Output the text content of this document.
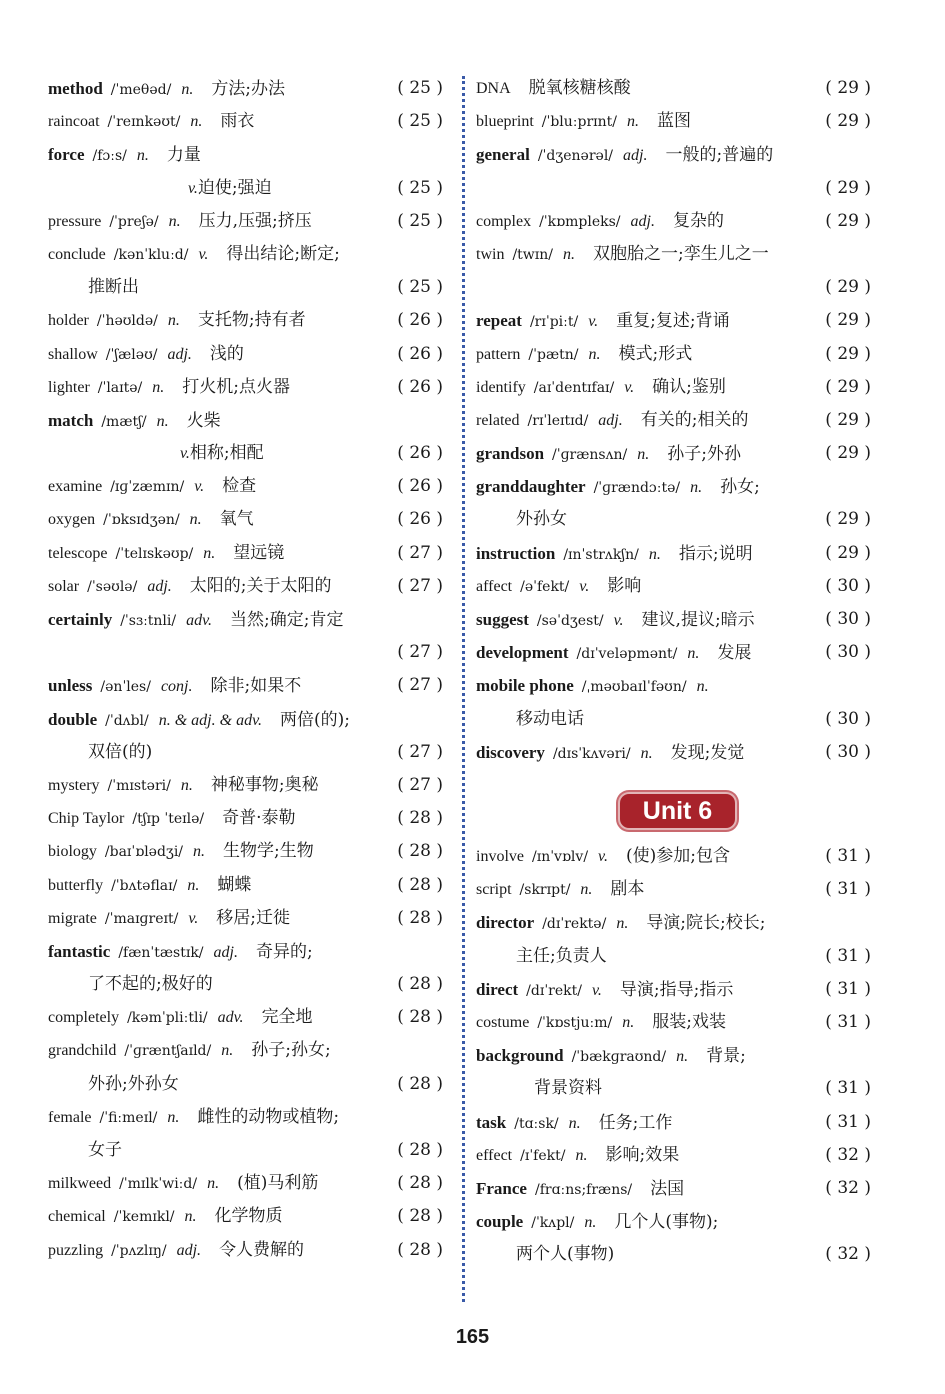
method /ˈmeθəd/ n. 方法;办法	( 25 )
raincoat /ˈreɪnkəʊt/ n. 雨衣	( 25 )
force /fɔːs/ n. 力量
v.迫使;强迫	( 25 )
pressure /ˈpreʃə/ n. 压力,压强;挤压	( 25 )
conclude /kənˈkluːd/ v. 得出结论;断定;
推断出	( 25 )
holder /ˈhəʊldə/ n. 支托物;持有者	( 26 )
shallow /ˈʃæləʊ/ adj. 浅的	( 26 )
lighter /ˈlaɪtə/ n. 打火机;点火器	( 26 )
match /mætʃ/ n. 火柴
v.相称;相配	( 26 )
examine /ɪɡˈzæmɪn/ v. 检查	( 26 )
oxygen /ˈɒksɪdʒən/ n. 氧气	( 26 )
telescope /ˈtelɪskəʊp/ n. 望远镜	( 27 )
solar /ˈsəʊlə/ adj. 太阳的;关于太阳的	( 27 )
certainly /ˈsɜːtnli/ adv. 当然;确定;肯定
( 27 )
unless /ənˈles/ conj. 除非;如果不	( 27 )
double /ˈdʌbl/ n. & adj. & adv. 两倍(的);
双倍(的)	( 27 )
mystery /ˈmɪstəri/ n. 神秘事物;奥秘	( 27 )
Chip Taylor /tʃɪp ˈteɪlə/ 奇普·泰勒	( 28 )
biology /baɪˈɒlədʒi/ n. 生物学;生物	( 28 )
butterfly /ˈbʌtəflaɪ/ n. 蝴蝶	( 28 )
migrate /ˈmaɪɡreɪt/ v. 移居;迁徙	( 28 )
fantastic /fænˈtæstɪk/ adj. 奇异的;
了不起的;极好的	( 28 )
completely /kəmˈpliːtli/ adv. 完全地	( 28 )
grandchild /ˈɡræntʃaɪld/ n. 孙子;孙女;
外孙;外孙女	( 28 )
female /ˈfiːmeɪl/ n. 雌性的动物或植物;
女子	( 28 )
milkweed /ˈmɪlkˈwiːd/ n. (植)马利筋	( 28 )
chemical /ˈkemɪkl/ n. 化学物质	( 28 )
puzzling /ˈpʌzlɪŋ/ adj. 令人费解的	( 28 )
DNA 脱氧核糖核酸	( 29 )
blueprint /ˈbluːprɪnt/ n. 蓝图	( 29 )
general /ˈdʒenərəl/ adj. 一般的;普遍的
( 29 )
complex /ˈkɒmpleks/ adj. 复杂的	( 29 )
twin /twɪn/ n. 双胞胎之一;孪生儿之一
( 29 )
repeat /rɪˈpiːt/ v. 重复;复述;背诵	( 29 )
pattern /ˈpætn/ n. 模式;形式	( 29 )
identify /aɪˈdentɪfaɪ/ v. 确认;鉴别	( 29 )
related /rɪˈleɪtɪd/ adj. 有关的;相关的	( 29 )
grandson /ˈɡrænsʌn/ n. 孙子;外孙	( 29 )
granddaughter /ˈɡrændɔːtə/ n. 孙女;
外孙女	( 29 )
instruction /ɪnˈstrʌkʃn/ n. 指示;说明	( 29 )
affect /əˈfekt/ v. 影响	( 30 )
suggest /səˈdʒest/ v. 建议,提议;暗示	( 30 )
development /dɪˈveləpmənt/ n. 发展	( 30 )
mobile phone /ˌməʊbaɪlˈfəʊn/ n.
移动电话	( 30 )
discovery /dɪsˈkʌvəri/ n. 发现;发觉	( 30 )
Unit 6
involve /ɪnˈvɒlv/ v. (使)参加;包含	( 31 )
script /skrɪpt/ n. 剧本	( 31 )
director /dɪˈrektə/ n. 导演;院长;校长;
主任;负责人	( 31 )
direct /dɪˈrekt/ v. 导演;指导;指示	( 31 )
costume /ˈkɒstjuːm/ n. 服装;戏装	( 31 )
background /ˈbækɡraʊnd/ n. 背景;
背景资料	( 31 )
task /tɑːsk/ n. 任务;工作	( 31 )
effect /ɪˈfekt/ n. 影响;效果	( 32 )
France /frɑːns;fræns/ 法国	( 32 )
couple /ˈkʌpl/ n. 几个人(事物);
两个人(事物)	( 32 )
165
